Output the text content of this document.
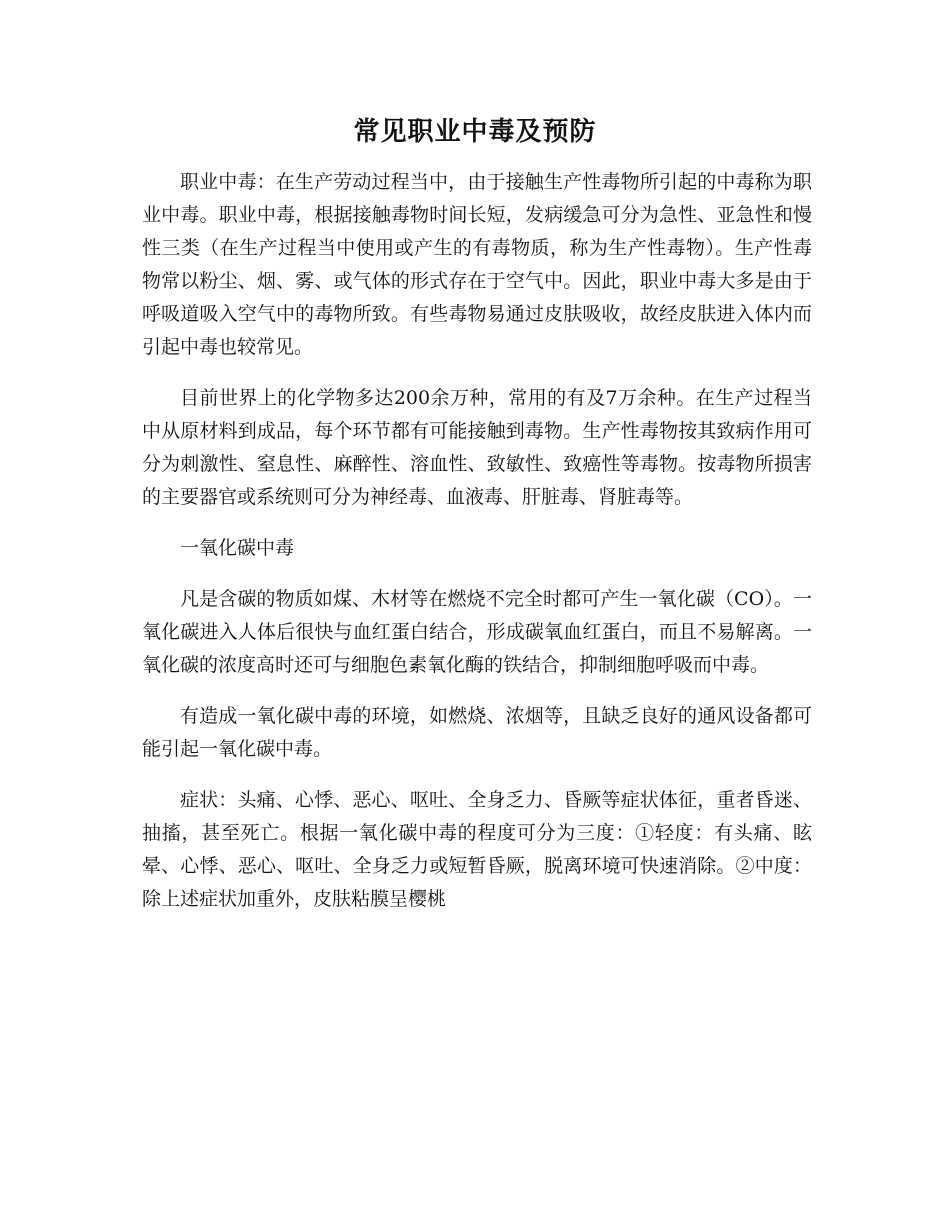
常见职业中毒及预防

职业中毒：在生产劳动过程当中，由于接触生产性毒物所引起的中毒称为职业中毒。职业中毒，根据接触毒物时间长短，发病缓急可分为急性、亚急性和慢性三类（在生产过程当中使用或产生的有毒物质，称为生产性毒物）。生产性毒物常以粉尘、烟、雾、或气体的形式存在于空气中。因此，职业中毒大多是由于呼吸道吸入空气中的毒物所致。有些毒物易通过皮肤吸收，故经皮肤进入体内而引起中毒也较常见。

目前世界上的化学物多达200余万种，常用的有及7万余种。在生产过程当中从原材料到成品，每个环节都有可能接触到毒物。生产性毒物按其致病作用可分为刺激性、窒息性、麻醉性、溶血性、致敏性、致癌性等毒物。按毒物所损害的主要器官或系统则可分为神经毒、血液毒、肝脏毒、肾脏毒等。

一氧化碳中毒

凡是含碳的物质如煤、木材等在燃烧不完全时都可产生一氧化碳（CO）。一氧化碳进入人体后很快与血红蛋白结合，形成碳氧血红蛋白，而且不易解离。一氧化碳的浓度高时还可与细胞色素氧化酶的铁结合，抑制细胞呼吸而中毒。

有造成一氧化碳中毒的环境，如燃烧、浓烟等，且缺乏良好的通风设备都可能引起一氧化碳中毒。

症状：头痛、心悸、恶心、呕吐、全身乏力、昏厥等症状体征，重者昏迷、抽搐，甚至死亡。根据一氧化碳中毒的程度可分为三度：①轻度：有头痛、眩晕、心悸、恶心、呕吐、全身乏力或短暂昏厥，脱离环境可快速消除。②中度：除上述症状加重外，皮肤粘膜呈樱桃
